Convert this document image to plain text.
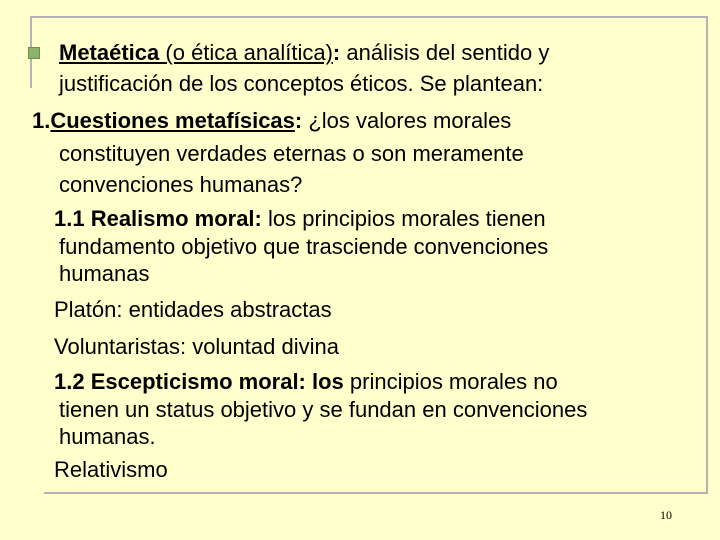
Metaética (o ética analítica): análisis del sentido y
justificación de los conceptos éticos. Se plantean:
1.Cuestiones metafísicas: ¿los valores morales
constituyen verdades eternas o son meramente
convenciones humanas?
1.1 Realismo moral: los principios morales tienen
fundamento objetivo que trasciende convenciones
humanas
Platón: entidades abstractas
Voluntaristas: voluntad divina
1.2 Escepticismo moral: los principios morales no
tienen un status objetivo y se fundan en convenciones
humanas.
Relativismo
10
